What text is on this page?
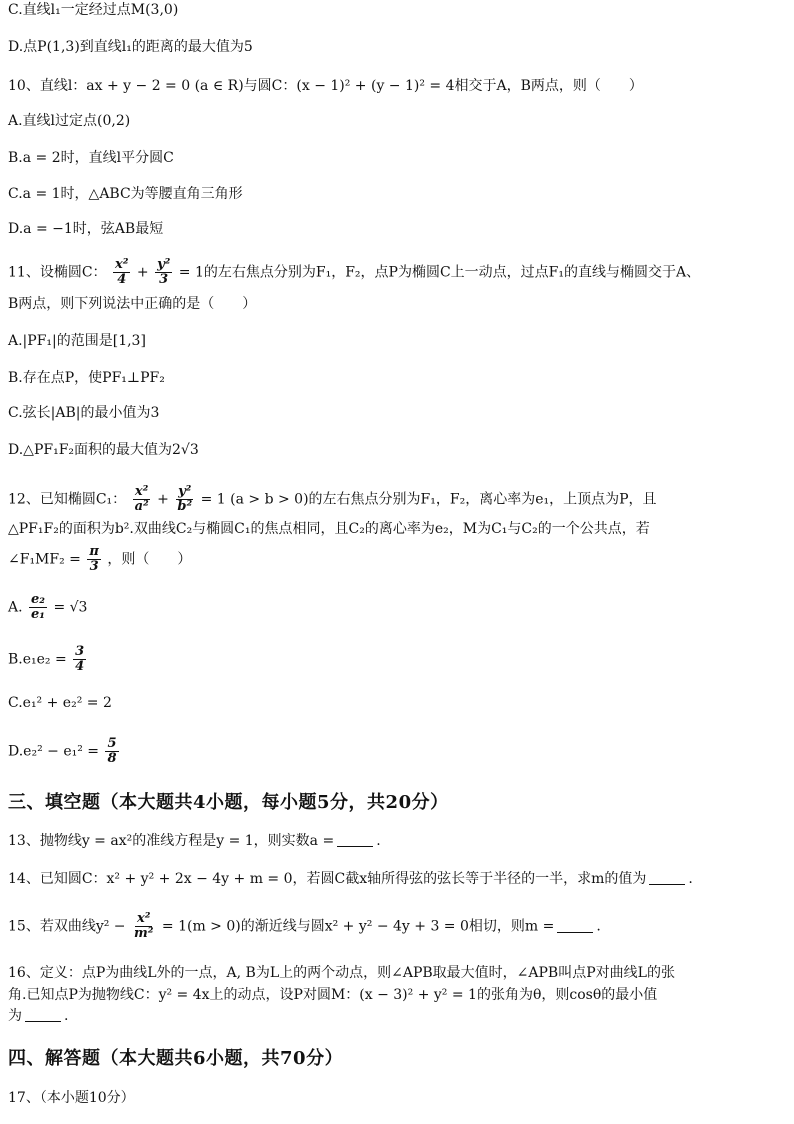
C.直线l₁一定经过点M(3,0)
D.点P(1,3)到直线l₁的距离的最大值为5
10、直线l：ax + y − 2 = 0 (a ∈ R)与圆C：(x − 1)² + (y − 1)² = 4相交于A，B两点，则（　　）
A.直线l过定点(0,2)
B.a = 2时，直线l平分圆C
C.a = 1时，△ABC为等腰直角三角形
D.a = −1时，弦AB最短
11、设椭圆C： $\frac{\text{x²}}{4} + \frac{\text{y²}}{3} = 1$的左右焦点分别为F₁，F₂，点P为椭圆C上一动点，过点F₁的直线与椭圆交于A、
B两点，则下列说法中正确的是（　　）
A.|PF₁|的范围是[1,3]
B.存在点P，使PF₁⊥PF₂
C.弦长|AB|的最小值为3
D.△PF₁F₂面积的最大值为2√3
12、已知椭圆C₁： $\frac{\text{x²}}{\text{a²}} + \frac{\text{y²}}{\text{b²}} = 1$ (a > b > 0)的左右焦点分别为F₁，F₂，离心率为e₁，上顶点为P，且
△PF₁F₂的面积为b².双曲线C₂与椭圆C₁的焦点相同，且C₂的离心率为e₂，M为C₁与C₂的一个公共点，若
∠F₁MF₂ = $\frac{\pi}{3}$ ，则（　　）
A. $\frac{\text{e₂}}{\text{e₁}} = √3$
$B.e_1e_2 = \frac{3}{4}$
C.e₁² + e₂² = 2
$D.e_2^2 - e_1^2 = \frac{5}{8}$
三、填空题（本大题共4小题，每小题5分，共20分）
13、抛物线y = ax²的准线方程是y = 1，则实数a =	.
14、已知圆C：x² + y² + 2x − 4y + m = 0，若圆C截x轴所得弦的弦长等于半径的一半，求m的值为	.
15、若双曲线$y^2 - \frac{\text{x²}}{\text{m²}} = 1(m > 0)$的渐近线与圆x² + y² − 4y + 3 = 0相切，则m =	.
16、定义：点P为曲线L外的一点，A, B为L上的两个动点，则∠APB取最大值时，∠APB叫点P对曲线L的张
角.已知点P为抛物线C：y² = 4x上的动点，设P对圆M：(x − 3)² + y² = 1的张角为θ，则cosθ的最小值
为	.
四、解答题（本大题共6小题，共70分）
17、（本小题10分）
